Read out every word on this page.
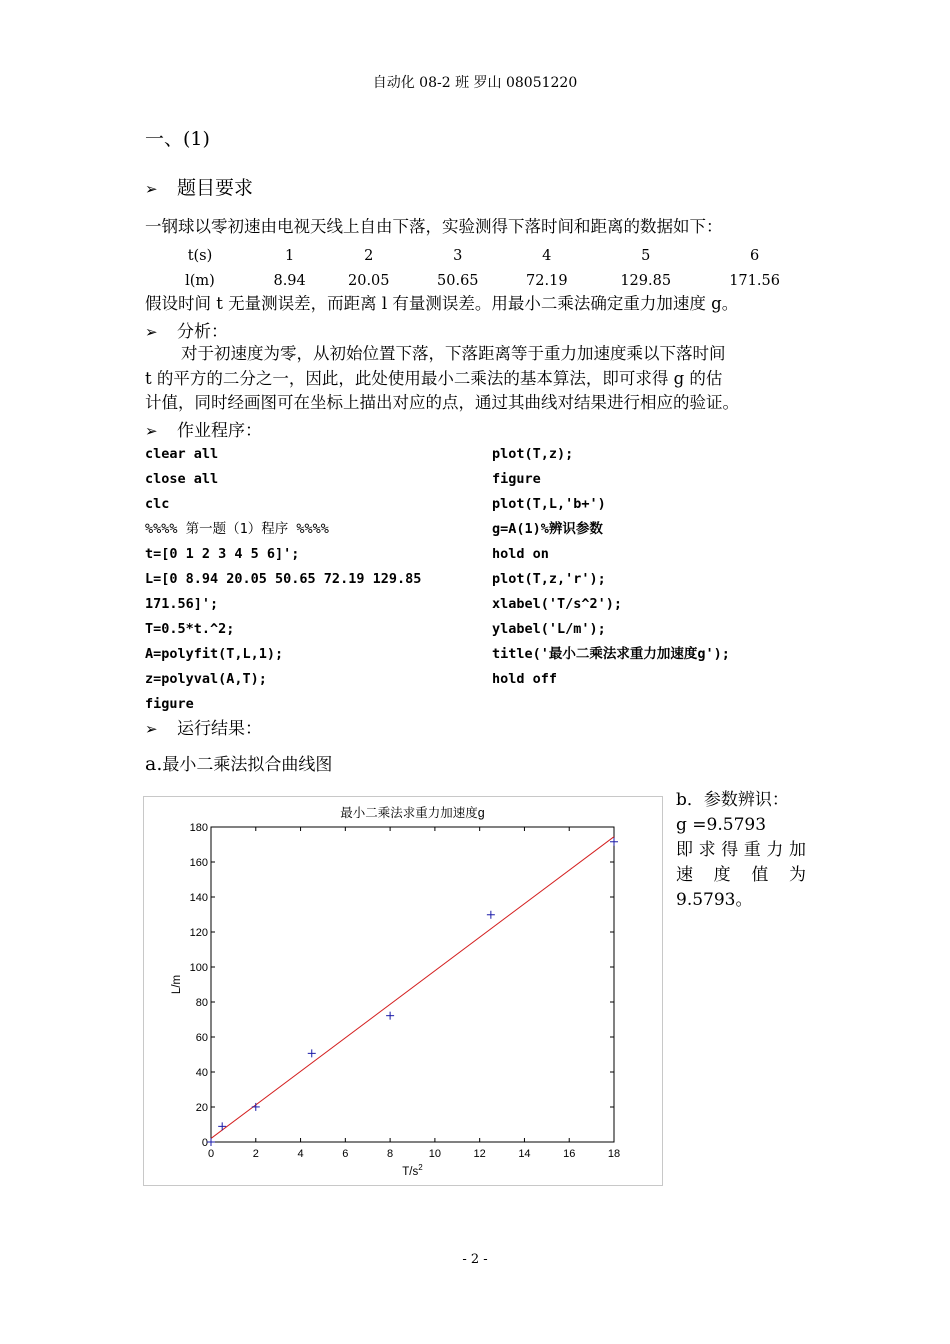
自动化 08-2 班 罗山 08051220
一、(1)
➢ 题目要求
一钢球以零初速由电视天线上自由下落，实验测得下落时间和距离的数据如下：
t(s)	1	2	3	4	5	6
l(m)	8.94	20.05	50.65	72.19	129.85	171.56
假设时间 t 无量测误差，而距离 l 有量测误差。用最小二乘法确定重力加速度 g。
➢ 分析：
对于初速度为零，从初始位置下落，下落距离等于重力加速度乘以下落时间
t 的平方的二分之一，因此，此处使用最小二乘法的基本算法，即可求得 g 的估
计值，同时经画图可在坐标上描出对应的点，通过其曲线对结果进行相应的验证。
➢ 作业程序：

clear all

close all

clc

%%%% 第一题（1）程序 %%%%

t=[0 1 2 3 4 5 6]';

L=[0 8.94 20.05 50.65 72.19 129.85

171.56]';

T=0.5*t.^2;

A=polyfit(T,L,1);

z=polyval(A,T);

figure

plot(T,z);

figure

plot(T,L,'b+')

g=A(1)%辨识参数

hold on

plot(T,z,'r');

xlabel('T/s^2');

ylabel('L/m');

title('最小二乘法求重力加速度g');

hold off

➢ 运行结果：
a.最小二乘法拟合曲线图
0	2	4	6	8	10	12	14	16	18
0
20
40
60
80
100
120
140
160
180
最小二乘法求重力加速度g
$T/s^2$
L/m
b．参数辨识：
g =9.5793
即求得重力加
速 度 值 为
9.5793。
- 2 -
